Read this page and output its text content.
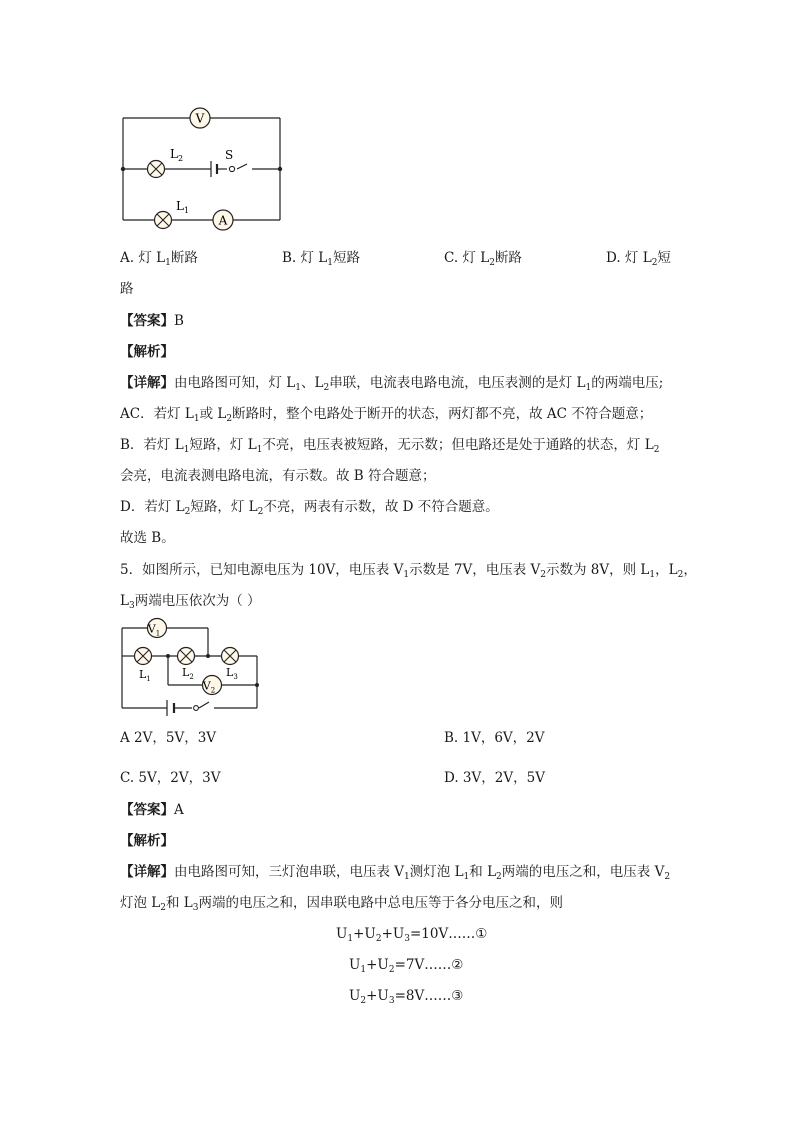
V
$L_2$	S
$L_1$
A
A. 灯 $L_1$断路	B. 灯 $L_1$短路	C. 灯 $L_2$断路	D. 灯 $L_2$短
路
【答案】B
【解析】
【详解】由电路图可知，灯 $L_1$、$L_2$串联，电流表电路电流，电压表测的是灯 $L_1$的两端电压;
AC．若灯 $L_1$或 $L_2$断路时，整个电路处于断开的状态，两灯都不亮，故 AC 不符合题意；
B．若灯 $L_1$短路，灯 $L_1$不亮，电压表被短路，无示数；但电路还是处于通路的状态，灯 $L_2$
会亮，电流表测电路电流，有示数。故 B 符合题意；
D．若灯 $L_2$短路，灯 $L_2$不亮，两表有示数，故 D 不符合题意。
故选 B。
5．如图所示，已知电源电压为 10V，电压表 $V_1$示数是 7V，电压表 $V_2$示数为 8V，则 $L_1$，$L_2$，
$L_3$两端电压依次为（ ）
$V_1$
$L_1$	$L_2$	$L_3$
$V_2$
A 2V，5V，3V	B. 1V，6V，2V
C. 5V，2V，3V	D. 3V，2V，5V
【答案】A
【解析】
【详解】由电路图可知，三灯泡串联，电压表 $V_1$测灯泡 $L_1$和 $L_2$两端的电压之和，电压表 $V_2$
灯泡 $L_2$和 $L_3$两端的电压之和，因串联电路中总电压等于各分电压之和，则
$U_1+U_2+U_3=10V\dots\dots ①$
$U_1+U_2=7V\dots\dots ②$
$U_2+U_3=8V\dots\dots ③$
